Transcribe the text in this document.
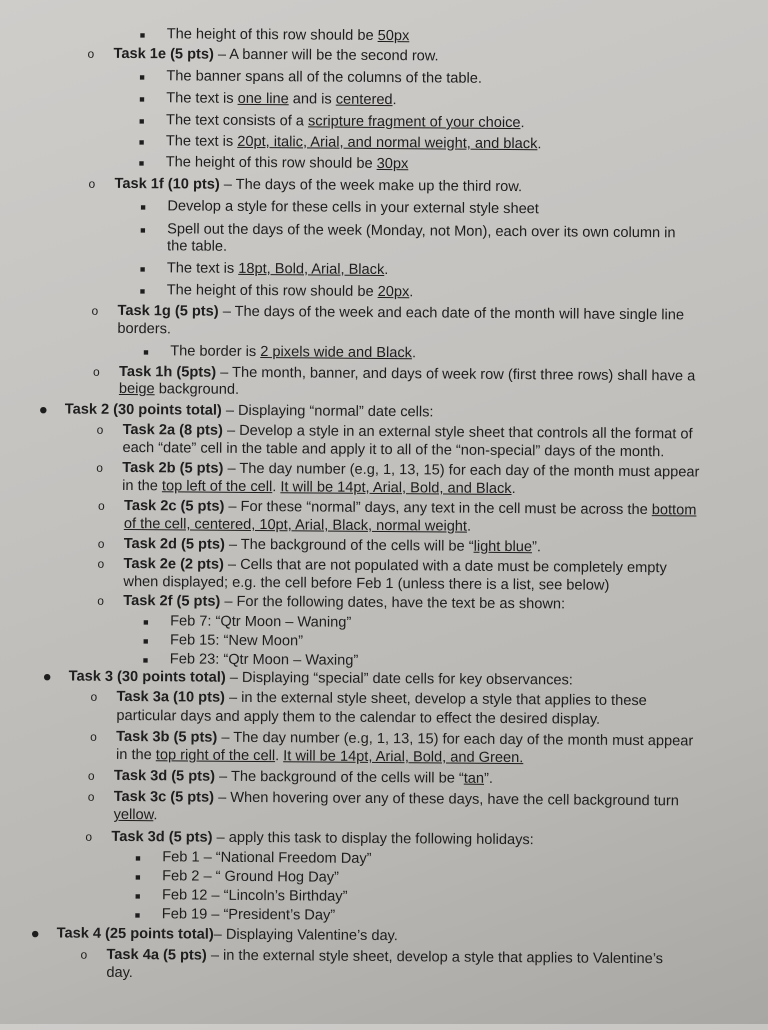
■ The height of this row should be 50px
o Task 1e (5 pts) – A banner will be the second row.
■ The banner spans all of the columns of the table.
■ The text is one line and is centered.
■ The text consists of a scripture fragment of your choice.
■ The text is 20pt, italic, Arial, and normal weight, and black.
■ The height of this row should be 30px
o Task 1f (10 pts) – The days of the week make up the third row.
■ Develop a style for these cells in your external style sheet
■ Spell out the days of the week (Monday, not Mon), each over its own column in
the table.
■ The text is 18pt, Bold, Arial, Black.
■ The height of this row should be 20px.
o Task 1g (5 pts) – The days of the week and each date of the month will have single line
borders.
■ The border is 2 pixels wide and Black.
o Task 1h (5pts) – The month, banner, and days of week row (first three rows) shall have a
beige background.
● Task 2 (30 points total) – Displaying “normal” date cells:
o Task 2a (8 pts) – Develop a style in an external style sheet that controls all the format of
each “date” cell in the table and apply it to all of the “non-special” days of the month.
o Task 2b (5 pts) – The day number (e.g, 1, 13, 15) for each day of the month must appear
in the top left of the cell. It will be 14pt, Arial, Bold, and Black.
o Task 2c (5 pts) – For these “normal” days, any text in the cell must be across the bottom
of the cell, centered, 10pt, Arial, Black, normal weight.
o Task 2d (5 pts) – The background of the cells will be “light blue”.
o Task 2e (2 pts) – Cells that are not populated with a date must be completely empty
when displayed; e.g. the cell before Feb 1 (unless there is a list, see below)
o Task 2f (5 pts) – For the following dates, have the text be as shown:
■ Feb 7: “Qtr Moon – Waning”
■ Feb 15: “New Moon”
■ Feb 23: “Qtr Moon – Waxing”
● Task 3 (30 points total) – Displaying “special” date cells for key observances:
o Task 3a (10 pts) – in the external style sheet, develop a style that applies to these
particular days and apply them to the calendar to effect the desired display.
o Task 3b (5 pts) – The day number (e.g, 1, 13, 15) for each day of the month must appear
in the top right of the cell. It will be 14pt, Arial, Bold, and Green.
o Task 3d (5 pts) – The background of the cells will be “tan”.
o Task 3c (5 pts) – When hovering over any of these days, have the cell background turn
yellow.
o Task 3d (5 pts) – apply this task to display the following holidays:
■ Feb 1 – “National Freedom Day”
■ Feb 2 – “ Ground Hog Day”
■ Feb 12 – “Lincoln’s Birthday”
■ Feb 19 – “President’s Day”
● Task 4 (25 points total)– Displaying Valentine’s day.
o Task 4a (5 pts) – in the external style sheet, develop a style that applies to Valentine’s
day.
